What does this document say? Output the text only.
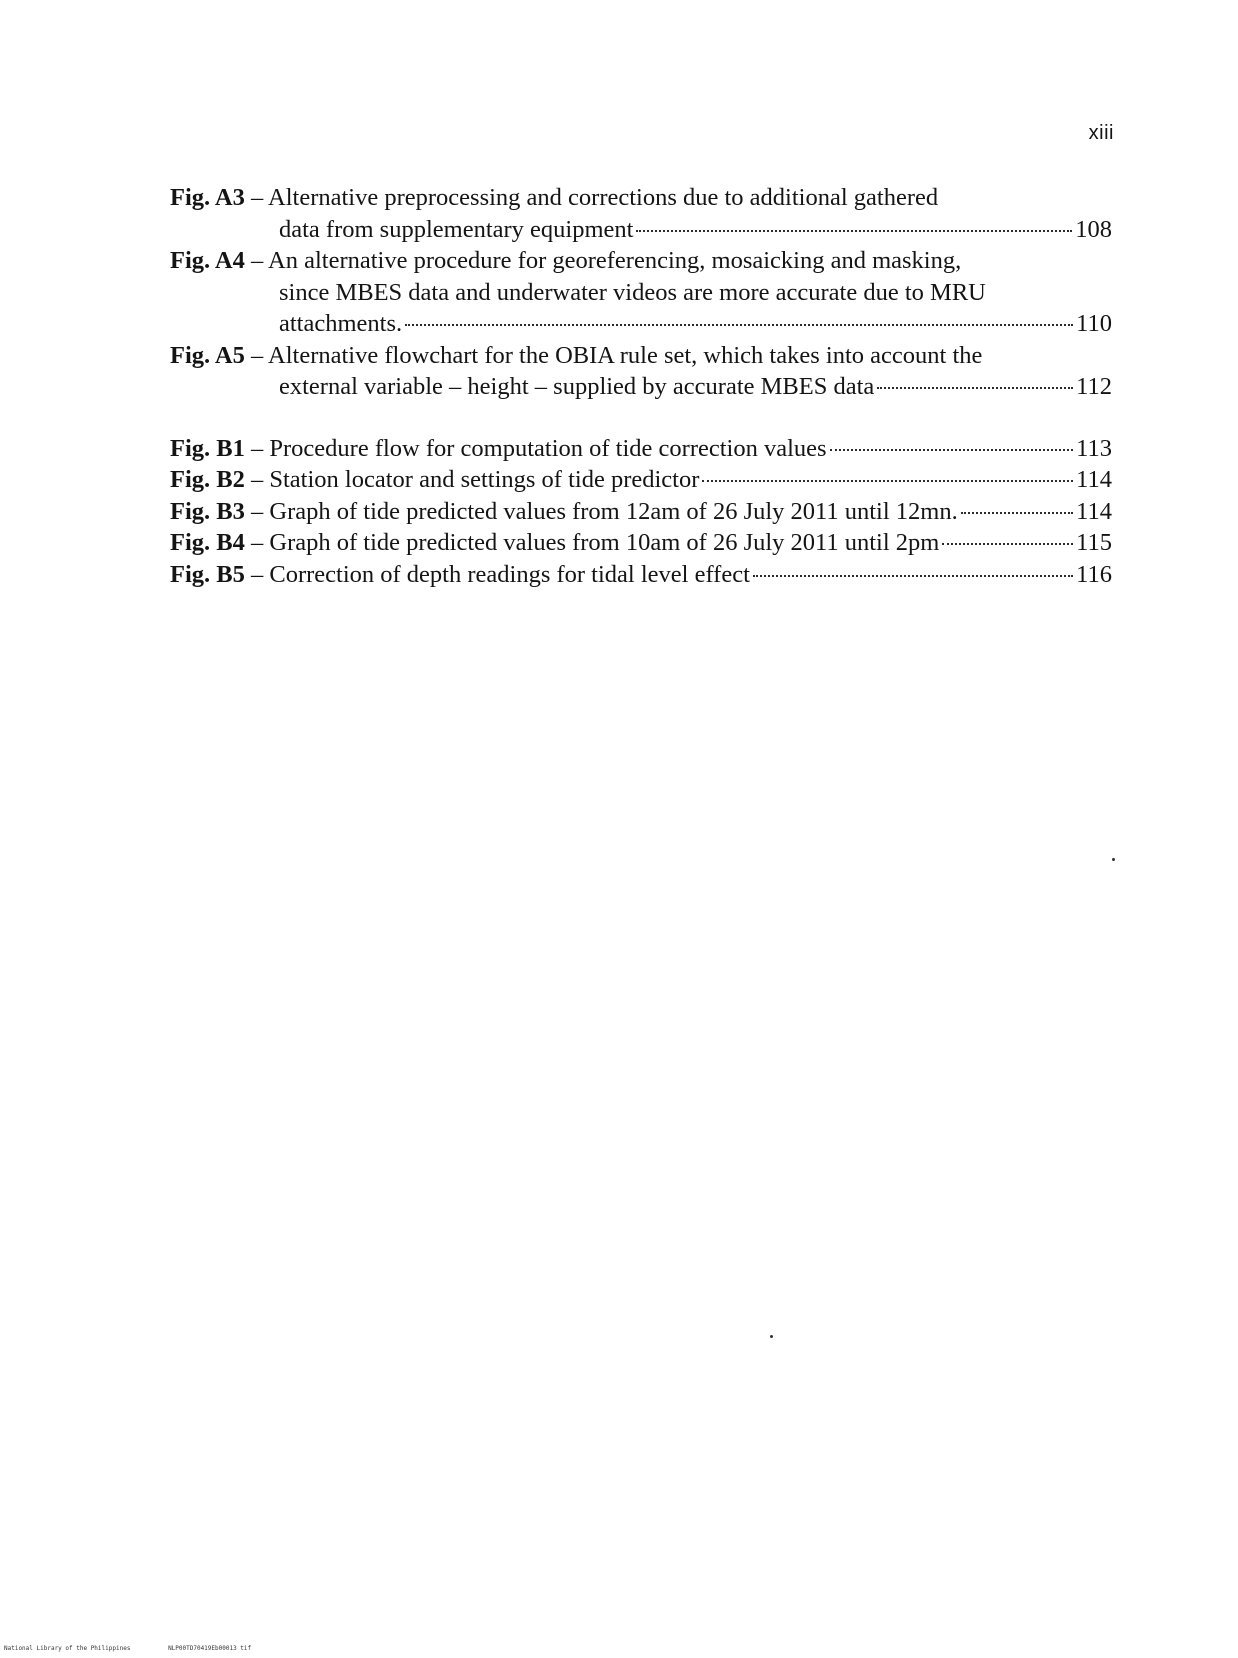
xiii
Fig. A3
– Alternative preprocessing and corrections due to additional gathered
data from supplementary equipment	108
Fig. A4
– An alternative procedure for georeferencing, mosaicking and masking,
since MBES data and underwater videos are more accurate due to MRU
attachments.	110
Fig. A5
– Alternative flowchart for the OBIA rule set, which takes into account the
external variable – height – supplied by accurate MBES data	112
Fig. B1
– Procedure flow for computation of tide correction values	113
Fig. B2
– Station locator and settings of tide predictor	114
Fig. B3
– Graph of tide predicted values from 12am of 26 July 2011 until 12mn.	114
Fig. B4
– Graph of tide predicted values from 10am of 26 July 2011 until 2pm	115
Fig. B5
– Correction of depth readings for tidal level effect	116
National Library of the Philippines	NLP00TD70419Eb00013 tif
